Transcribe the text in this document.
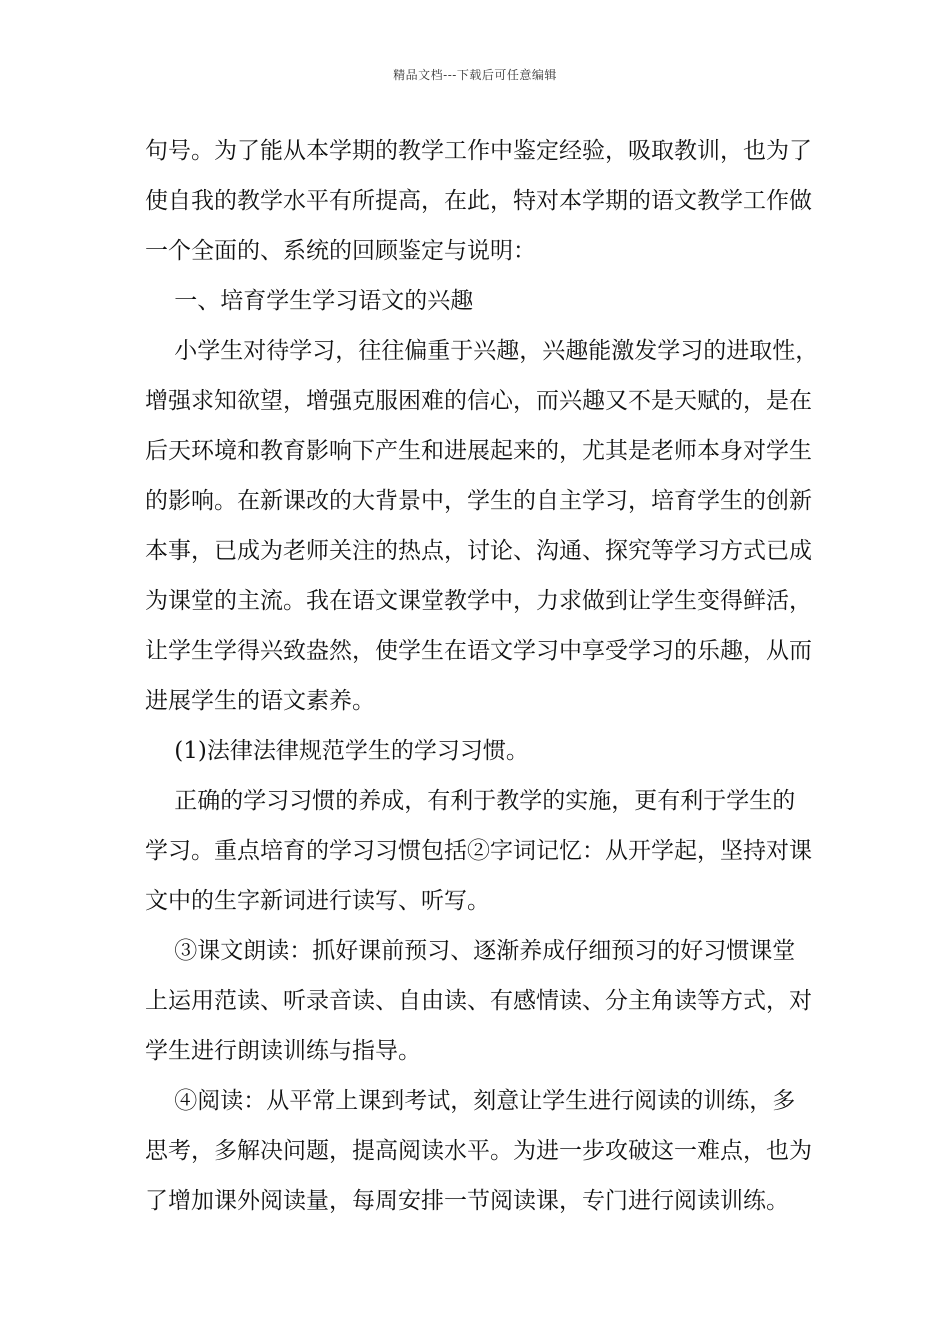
精品文档---下载后可任意编辑

句号。为了能从本学期的教学工作中鉴定经验，吸取教训，也为了

使自我的教学水平有所提高，在此，特对本学期的语文教学工作做

一个全面的、系统的回顾鉴定与说明：

一、培育学生学习语文的兴趣

小学生对待学习，往往偏重于兴趣，兴趣能激发学习的进取性，

增强求知欲望，增强克服困难的信心，而兴趣又不是天赋的，是在

后天环境和教育影响下产生和进展起来的，尤其是老师本身对学生

的影响。在新课改的大背景中，学生的自主学习，培育学生的创新

本事，已成为老师关注的热点，讨论、沟通、探究等学习方式已成

为课堂的主流。我在语文课堂教学中，力求做到让学生变得鲜活，

让学生学得兴致盎然，使学生在语文学习中享受学习的乐趣，从而

进展学生的语文素养。

(1)法律法律规范学生的学习习惯。

正确的学习习惯的养成，有利于教学的实施，更有利于学生的

学习。重点培育的学习习惯包括②字词记忆：从开学起，坚持对课

文中的生字新词进行读写、听写。

③课文朗读：抓好课前预习、逐渐养成仔细预习的好习惯课堂

上运用范读、听录音读、自由读、有感情读、分主角读等方式，对

学生进行朗读训练与指导。

④阅读：从平常上课到考试，刻意让学生进行阅读的训练，多

思考，多解决问题，提高阅读水平。为进一步攻破这一难点，也为

了增加课外阅读量，每周安排一节阅读课，专门进行阅读训练。
